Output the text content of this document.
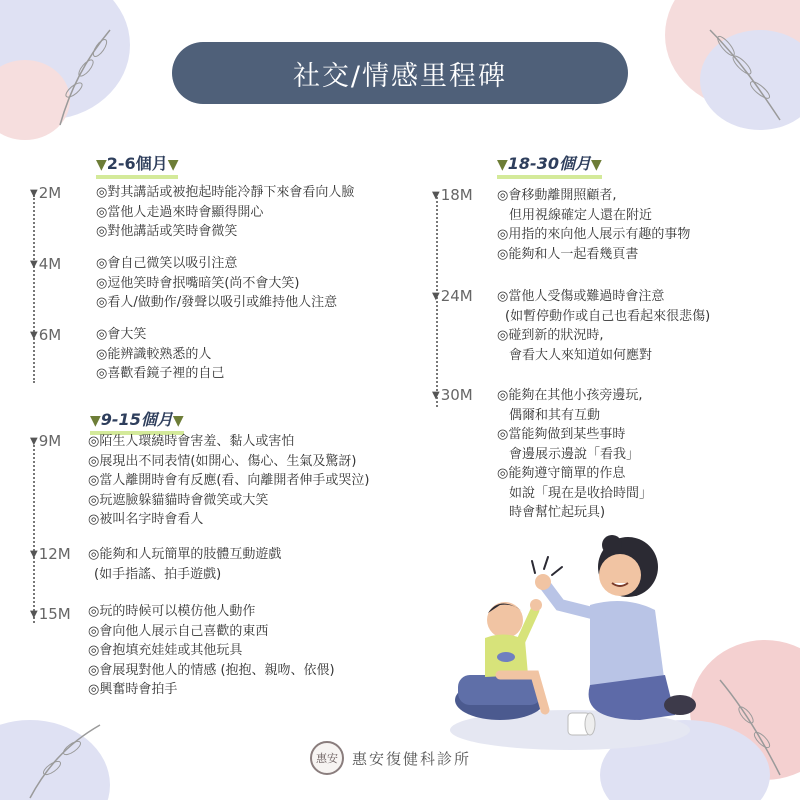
社交/情感里程碑
▼2-6個月▼
▼9-15個月▼
▼18-30個月▼
▼2M	◎對其講話或被抱起時能冷靜下來會看向人臉
◎當他人走過來時會顯得開心
◎對他講話或笑時會微笑
▼4M	◎會自己微笑以吸引注意
◎逗他笑時會抿嘴暗笑(尚不會大笑)
◎看人/做動作/發聲以吸引或維持他人注意
▼6M	◎會大笑
◎能辨識較熟悉的人
◎喜歡看鏡子裡的自己
▼9M ◎陌生人環繞時會害羞、黏人或害怕
◎展現出不同表情(如開心、傷心、生氣及驚訝)
◎當人離開時會有反應(看、向離開者伸手或哭泣)
◎玩遮臉躲貓貓時會微笑或大笑
◎被叫名字時會看人
▼12M ◎能夠和人玩簡單的肢體互動遊戲
(如手指謠、拍手遊戲)
▼15M ◎玩的時候可以模仿他人動作
◎會向他人展示自己喜歡的東西
◎會抱填充娃娃或其他玩具
◎會展現對他人的情感 (抱抱、親吻、依偎)
◎興奮時會拍手
▼18M ◎會移動離開照顧者,
但用視線確定人還在附近
◎用指的來向他人展示有趣的事物
◎能夠和人一起看幾頁書
▼24M ◎當他人受傷或難過時會注意
(如暫停動作或自己也看起來很悲傷)
◎碰到新的狀況時,
會看大人來知道如何應對
▼30M ◎能夠在其他小孩旁邊玩,
偶爾和其有互動
◎當能夠做到某些事時
會邊展示邊說「看我」
◎能夠遵守簡單的作息
如說「現在是收拾時間」
時會幫忙起玩具)
惠安 惠安復健科診所
